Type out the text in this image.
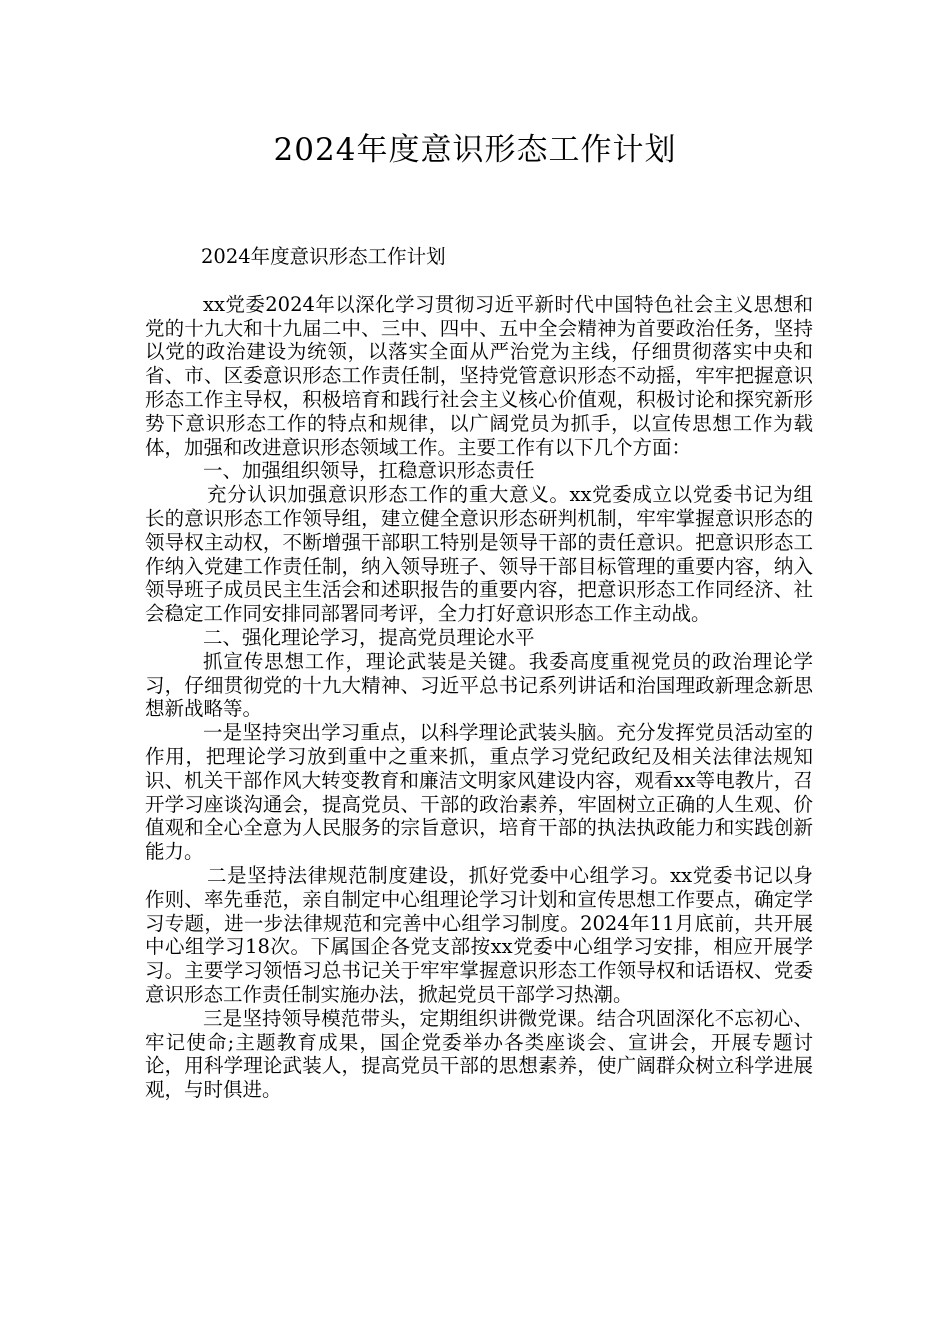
2024年度意识形态工作计划

2024年度意识形态工作计划

xx党委2024年以深化学习贯彻习近平新时代中国特色社会主义思想和党的十九大和十九届二中、三中、四中、五中全会精神为首要政治任务，坚持以党的政治建设为统领，以落实全面从严治党为主线，仔细贯彻落实中央和省、市、区委意识形态工作责任制，坚持党管意识形态不动摇，牢牢把握意识形态工作主导权，积极培育和践行社会主义核心价值观，积极讨论和探究新形势下意识形态工作的特点和规律，以广阔党员为抓手，以宣传思想工作为载体，加强和改进意识形态领域工作。主要工作有以下几个方面：

一、加强组织领导，扛稳意识形态责任

充分认识加强意识形态工作的重大意义。xx党委成立以党委书记为组长的意识形态工作领导组，建立健全意识形态研判机制，牢牢掌握意识形态的领导权主动权，不断增强干部职工特别是领导干部的责任意识。把意识形态工作纳入党建工作责任制，纳入领导班子、领导干部目标管理的重要内容，纳入领导班子成员民主生活会和述职报告的重要内容，把意识形态工作同经济、社会稳定工作同安排同部署同考评，全力打好意识形态工作主动战。

二、强化理论学习，提高党员理论水平

抓宣传思想工作，理论武装是关键。我委高度重视党员的政治理论学习，仔细贯彻党的十九大精神、习近平总书记系列讲话和治国理政新理念新思想新战略等。

一是坚持突出学习重点，以科学理论武装头脑。充分发挥党员活动室的作用，把理论学习放到重中之重来抓，重点学习党纪政纪及相关法律法规知识、机关干部作风大转变教育和廉洁文明家风建设内容，观看xx等电教片，召开学习座谈沟通会，提高党员、干部的政治素养，牢固树立正确的人生观、价值观和全心全意为人民服务的宗旨意识，培育干部的执法执政能力和实践创新能力。

二是坚持法律规范制度建设，抓好党委中心组学习。xx党委书记以身作则、率先垂范，亲自制定中心组理论学习计划和宣传思想工作要点，确定学习专题，进一步法律规范和完善中心组学习制度。2024年11月底前，共开展中心组学习18次。下属国企各党支部按xx党委中心组学习安排，相应开展学习。主要学习领悟习总书记关于牢牢掌握意识形态工作领导权和话语权、党委意识形态工作责任制实施办法，掀起党员干部学习热潮。

三是坚持领导模范带头，定期组织讲微党课。结合巩固深化不忘初心、牢记使命;主题教育成果，国企党委举办各类座谈会、宣讲会，开展专题讨论，用科学理论武装人，提高党员干部的思想素养，使广阔群众树立科学进展观，与时俱进。
